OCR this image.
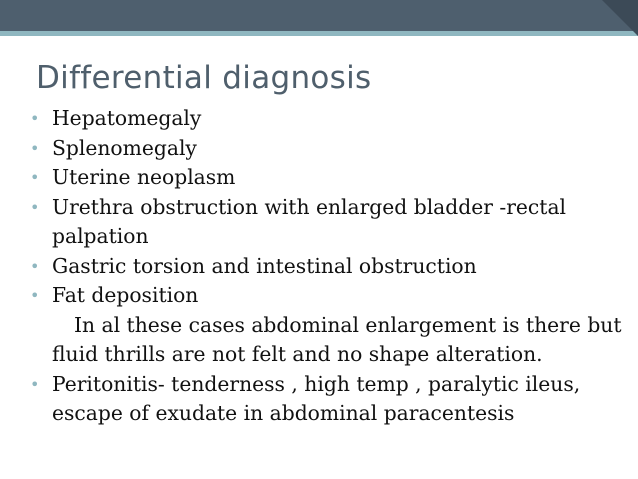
Differential diagnosis
• Hepatomegaly
• Splenomegaly
• Uterine neoplasm
• Urethra obstruction with enlarged bladder -rectal palpation
• Gastric torsion and intestinal obstruction
• Fat deposition
In al these cases abdominal enlargement is there but fluid thrills are not felt and no shape alteration.
• Peritonitis- tenderness , high temp , paralytic ileus, escape of exudate in abdominal paracentesis
